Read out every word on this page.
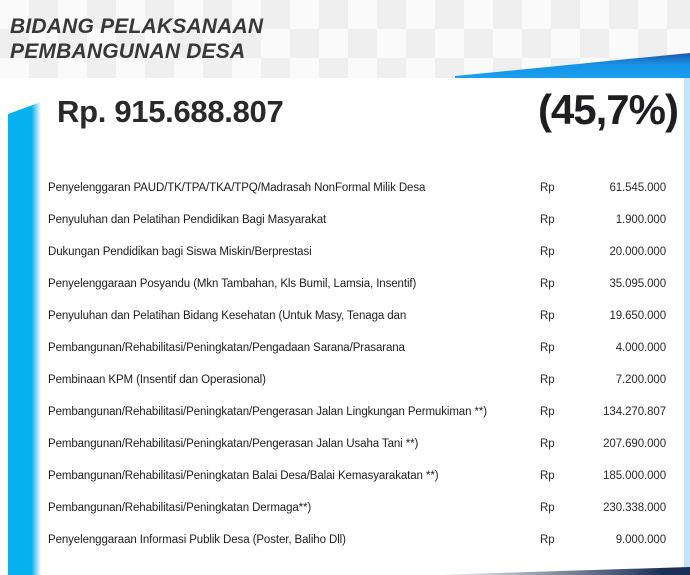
BIDANG PELAKSANAAN
PEMBANGUNAN DESA
Rp. 915.688.807	(45,7%)
Penyelenggaran PAUD/TK/TPA/TKA/TPQ/Madrasah NonFormal Milik Desa	Rp	61.545.000
Penyuluhan dan Pelatihan Pendidikan Bagi Masyarakat	Rp	1.900.000
Dukungan Pendidikan bagi Siswa Miskin/Berprestasi	Rp	20.000.000
Penyelenggaraan Posyandu (Mkn Tambahan, Kls Bumil, Lamsia, Insentif)	Rp	35.095.000
Penyuluhan dan Pelatihan Bidang Kesehatan (Untuk Masy, Tenaga dan	Rp	19.650.000
Pembangunan/Rehabilitasi/Peningkatan/Pengadaan Sarana/Prasarana	Rp	4.000.000
Pembinaan KPM (Insentif dan Operasional)	Rp	7.200.000
Pembangunan/Rehabilitasi/Peningkatan/Pengerasan Jalan Lingkungan Permukiman **)	Rp	134.270.807
Pembangunan/Rehabilitasi/Peningkatan/Pengerasan Jalan Usaha Tani **)	Rp	207.690.000
Pembangunan/Rehabilitasi/Peningkatan Balai Desa/Balai Kemasyarakatan **)	Rp	185.000.000
Pembangunan/Rehabilitasi/Peningkatan Dermaga**)	Rp	230.338.000
Penyelenggaraan Informasi Publik Desa (Poster, Baliho Dll)	Rp	9.000.000
